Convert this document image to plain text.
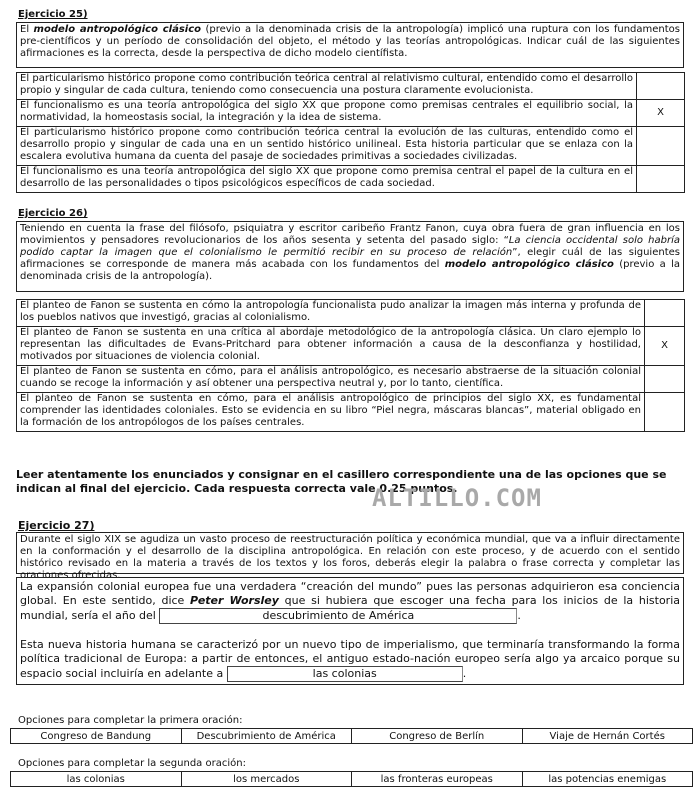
Ejercicio 25)

El modelo antropológico clásico (previo a la denominada crisis de la antropología) implicó una ruptura con los fundamentos pre-científicos y un período de consolidación del objeto, el método y las teorías antropológicas. Indicar cuál de las siguientes afirmaciones es la correcta, desde la perspectiva de dicho modelo científista.

El particularismo histórico propone como contribución teórica central al relativismo cultural, entendido como el desarrollo propio y singular de cada cultura, teniendo como consecuencia una postura claramente evolucionista.	
El funcionalismo es una teoría antropológica del siglo XX que propone como premisas centrales el equilibrio social, la normatividad, la homeostasis social, la integración y la idea de sistema.	X
El particularismo histórico propone como contribución teórica central la evolución de las culturas, entendido como el desarrollo propio y singular de cada una en un sentido histórico unilineal. Esta historia particular que se enlaza con la escalera evolutiva humana da cuenta del pasaje de sociedades primitivas a sociedades civilizadas.	
El funcionalismo es una teoría antropológica del siglo XX que propone como premisa central el papel de la cultura en el desarrollo de las personalidades o tipos psicológicos específicos de cada sociedad.	
Ejercicio 26)

Teniendo en cuenta la frase del filósofo, psiquiatra y escritor caribeño Frantz Fanon, cuya obra fuera de gran influencia en los movimientos y pensadores revolucionarios de los años sesenta y setenta del pasado siglo: “La ciencia occidental solo habría podido captar la imagen que el colonialismo le permitió recibir en su proceso de relación”, elegir cuál de las siguientes afirmaciones se corresponde de manera más acabada con los fundamentos del modelo antropológico clásico (previo a la denominada crisis de la antropología).

El planteo de Fanon se sustenta en cómo la antropología funcionalista pudo analizar la imagen más interna y profunda de los pueblos nativos que investigó, gracias al colonialismo.	
El planteo de Fanon se sustenta en una crítica al abordaje metodológico de la antropología clásica. Un claro ejemplo lo representan las dificultades de Evans-Pritchard para obtener información a causa de la desconfianza y hostilidad, motivados por situaciones de violencia colonial.	X
El planteo de Fanon se sustenta en cómo, para el análisis antropológico, es necesario abstraerse de la situación colonial cuando se recoge la información y así obtener una perspectiva neutral y, por lo tanto, científica.	
El planteo de Fanon se sustenta en cómo, para el análisis antropológico de principios del siglo XX, es fundamental comprender las identidades coloniales. Esto se evidencia en su libro “Piel negra, máscaras blancas”, material obligado en la formación de los antropólogos de los países centrales.	
Leer atentamente los enunciados y consignar en el casillero correspondiente una de las opciones que se indican al final del ejercicio. Cada respuesta correcta vale 0.25 puntos.
ALTILLO.COM
Ejercicio 27)

Durante el siglo XIX se agudiza un vasto proceso de reestructuración política y económica mundial, que va a influir directamente en la conformación y el desarrollo de la disciplina antropológica. En relación con este proceso, y de acuerdo con el sentido histórico revisado en la materia a través de los textos y los foros, deberás elegir la palabra o frase correcta y completar las oraciones ofrecidas.

La expansión colonial europea fue una verdadera “creación del mundo” pues las personas adquirieron esa conciencia global. En este sentido, dice Peter Worsley que si hubiera que escoger una fecha para los inicios de la historia mundial, sería el año del	descubrimiento de América	.
Esta nueva historia humana se caracterizó por un nuevo tipo de imperialismo, que terminaría transformando la forma política tradicional de Europa: a partir de entonces, el antiguo estado-nación europeo sería algo ya arcaico porque su espacio social incluiría en adelante a	las colonias	.
Opciones para completar la primera oración:
Congreso de Bandung	Descubrimiento de América	Congreso de Berlín	Viaje de Hernán Cortés
Opciones para completar la segunda oración:
las colonias	los mercados	las fronteras europeas	las potencias enemigas
